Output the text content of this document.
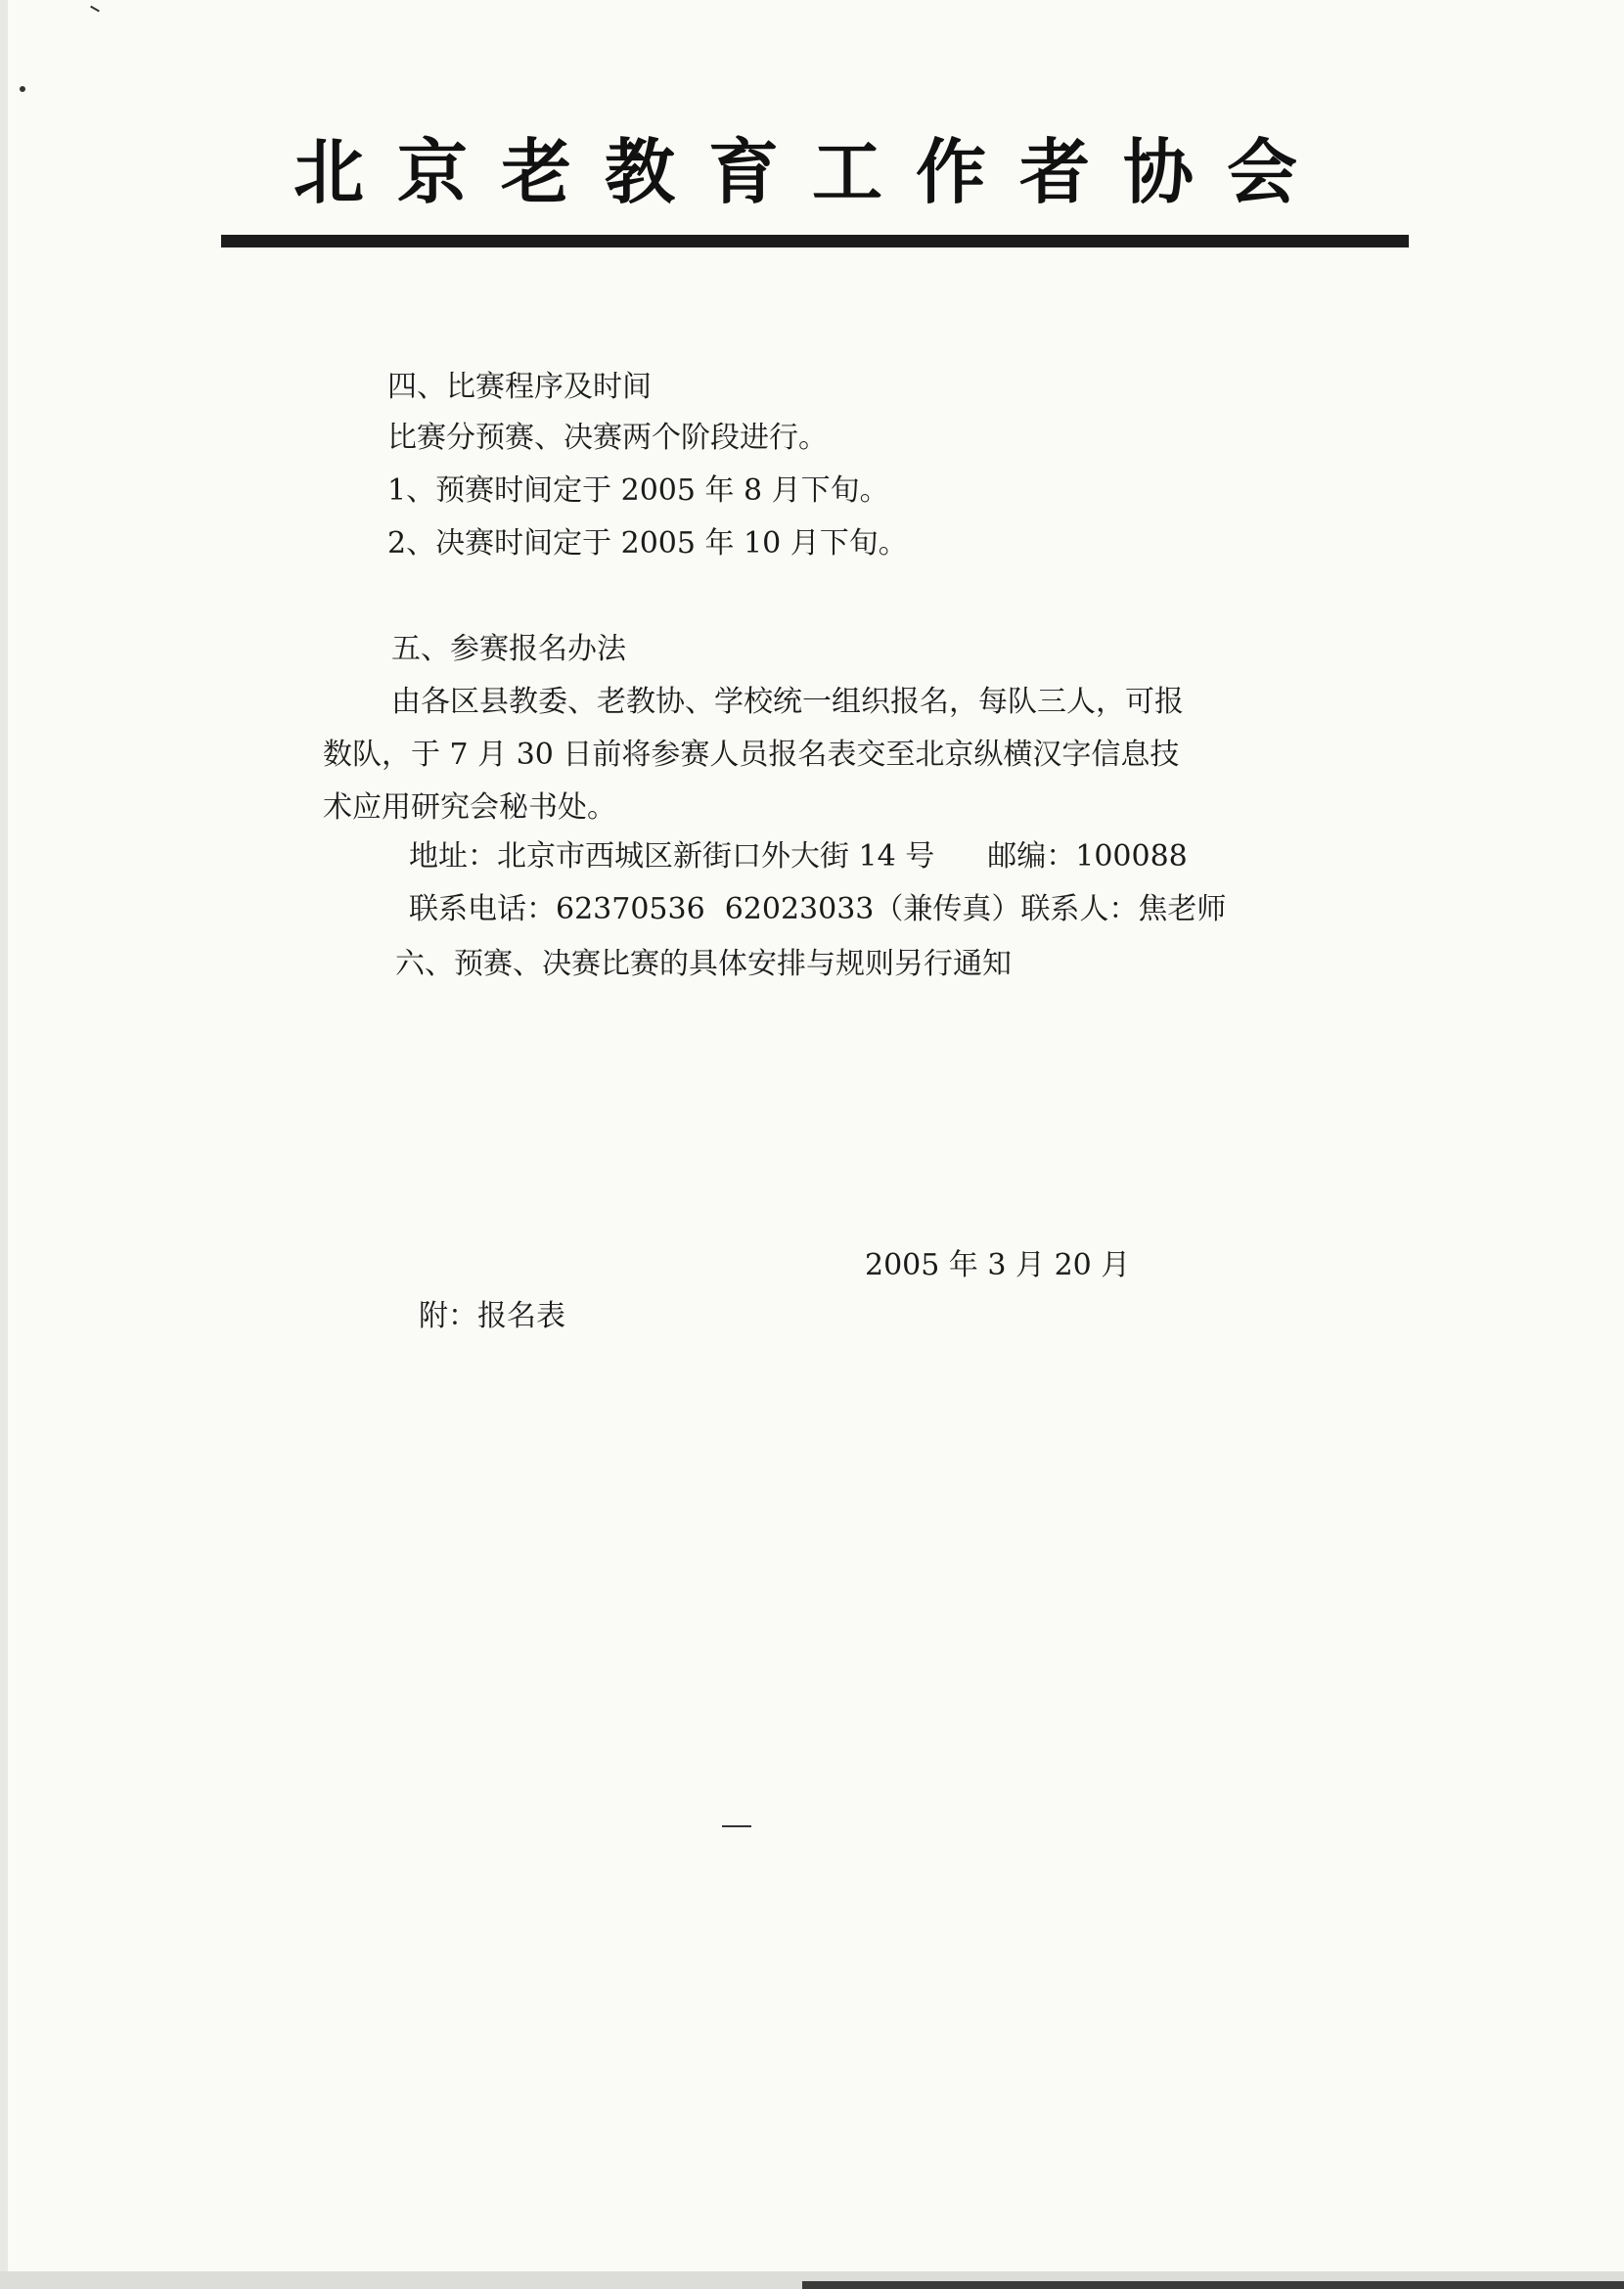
北京老教育工作者协会
四、比赛程序及时间
比赛分预赛、决赛两个阶段进行。
1、预赛时间定于 2005 年 8 月下旬。
2、决赛时间定于 2005 年 10 月下旬。
五、参赛报名办法
由各区县教委、老教协、学校统一组织报名，每队三人，可报
数队，于 7 月 30 日前将参赛人员报名表交至北京纵横汉字信息技
术应用研究会秘书处。
地址：北京市西城区新街口外大街 14 号 邮编：100088
联系电话：62370536 62023033（兼传真）联系人：焦老师
六、预赛、决赛比赛的具体安排与规则另行通知
2005 年 3 月 20 月
附：报名表
